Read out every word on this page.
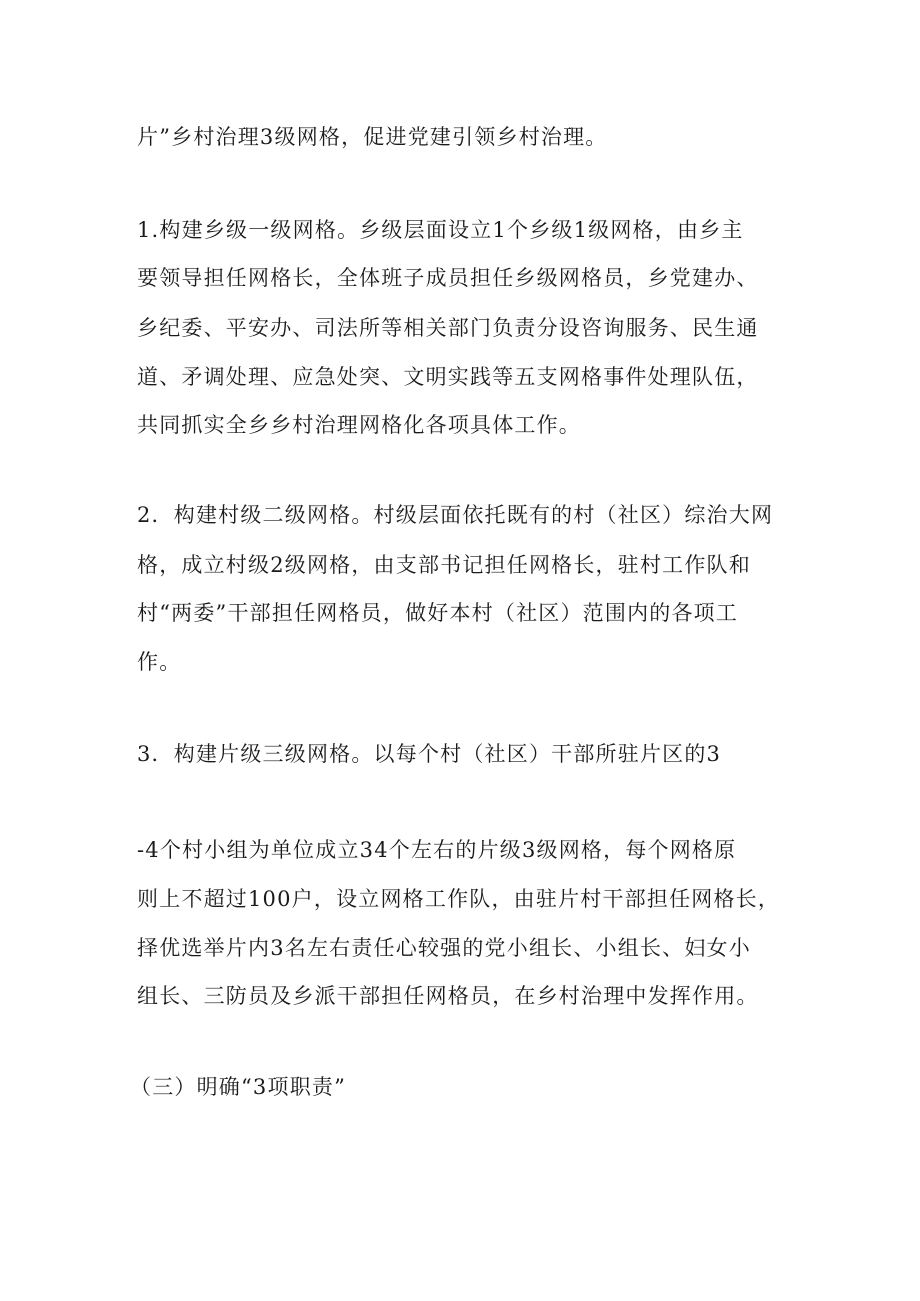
片”乡村治理3级网格，促进党建引领乡村治理。
1.构建乡级一级网格。乡级层面设立1个乡级1级网格，由乡主
要领导担任网格长，全体班子成员担任乡级网格员，乡党建办、
乡纪委、平安办、司法所等相关部门负责分设咨询服务、民生通
道、矛调处理、应急处突、文明实践等五支网格事件处理队伍，
共同抓实全乡乡村治理网格化各项具体工作。
2．构建村级二级网格。村级层面依托既有的村（社区）综治大网
格，成立村级2级网格，由支部书记担任网格长，驻村工作队和
村“两委”干部担任网格员，做好本村（社区）范围内的各项工
作。
3．构建片级三级网格。以每个村（社区）干部所驻片区的3
-4个村小组为单位成立34个左右的片级3级网格，每个网格原
则上不超过100户，设立网格工作队，由驻片村干部担任网格长，
择优选举片内3名左右责任心较强的党小组长、小组长、妇女小
组长、三防员及乡派干部担任网格员，在乡村治理中发挥作用。
（三）明确“3项职责”
